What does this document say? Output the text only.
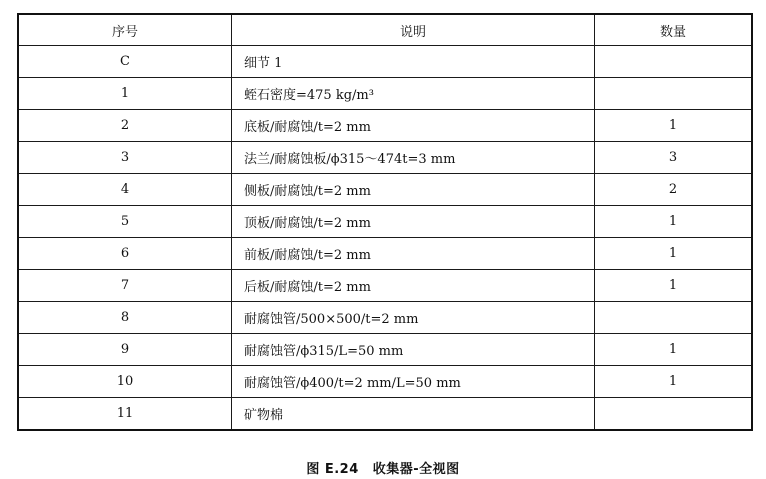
序号	说明	数量
C	细节 1	
1	蛭石密度=475 kg/m³	
2	底板/耐腐蚀/t=2 mm	1
3	法兰/耐腐蚀板/ϕ315～474t=3 mm	3
4	侧板/耐腐蚀/t=2 mm	2
5	顶板/耐腐蚀/t=2 mm	1
6	前板/耐腐蚀/t=2 mm	1
7	后板/耐腐蚀/t=2 mm	1
8	耐腐蚀管/500×500/t=2 mm	
9	耐腐蚀管/ϕ315/L=50 mm	1
10	耐腐蚀管/ϕ400/t=2 mm/L=50 mm	1
11	矿物棉	
图 E.24 收集器-全视图
